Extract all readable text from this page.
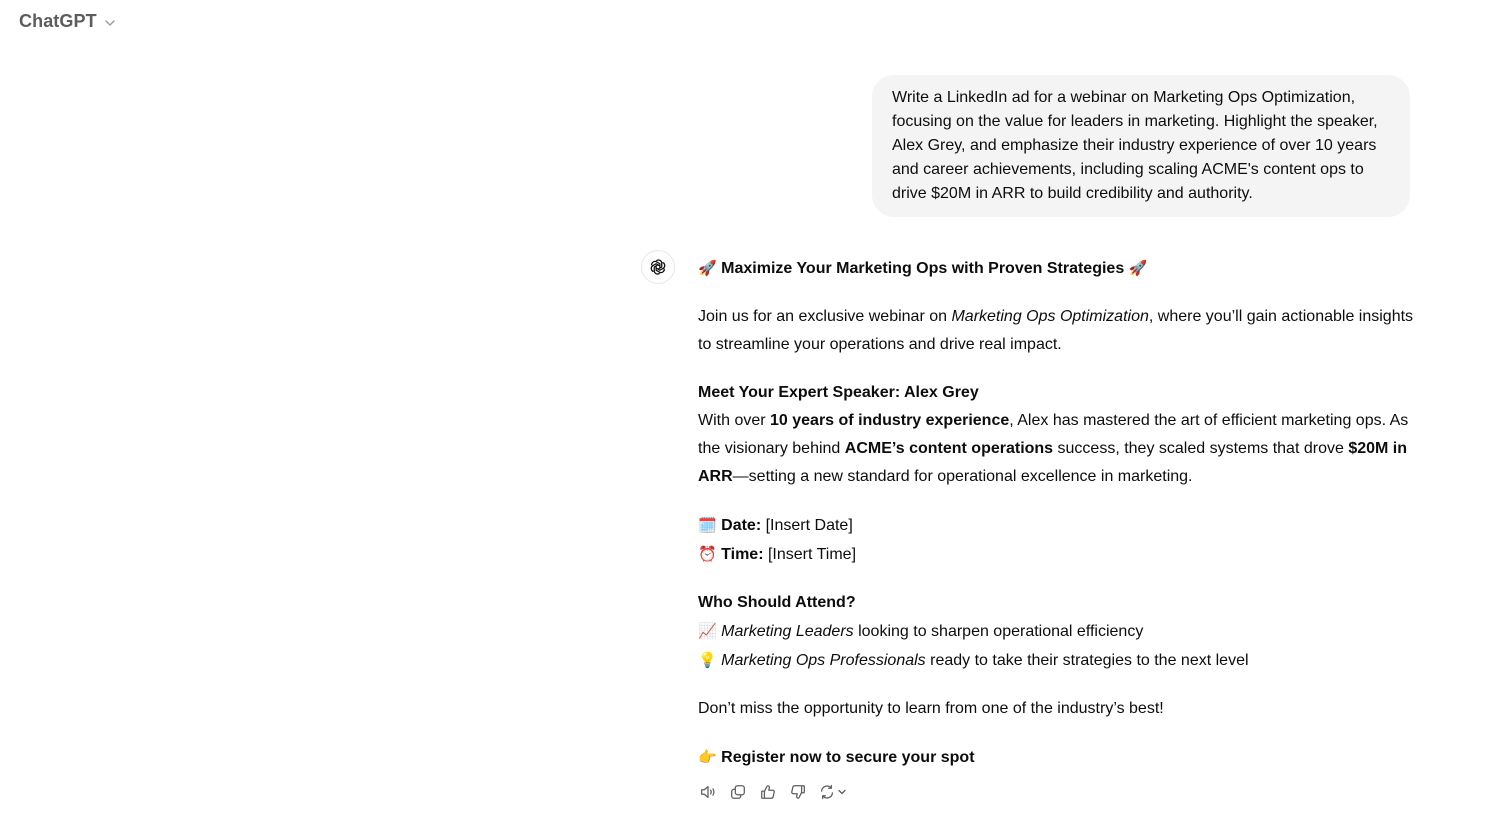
ChatGPT
Write a LinkedIn ad for a webinar on Marketing Ops Optimization, focusing on the value for leaders in marketing. Highlight the speaker, Alex Grey, and emphasize their industry experience of over 10 years and career achievements, including scaling ACME's content ops to drive $20M in ARR to build credibility and authority.

🚀 Maximize Your Marketing Ops with Proven Strategies 🚀

Join us for an exclusive webinar on Marketing Ops Optimization, where you’ll gain actionable insights to streamline your operations and drive real impact.

Meet Your Expert Speaker: Alex Grey
With over 10 years of industry experience, Alex has mastered the art of efficient marketing ops. As the visionary behind ACME’s content operations success, they scaled systems that drove $20M in ARR—setting a new standard for operational excellence in marketing.

🗓️ Date: [Insert Date]
⏰ Time: [Insert Time]

Who Should Attend?
📈 Marketing Leaders looking to sharpen operational efficiency
💡 Marketing Ops Professionals ready to take their strategies to the next level

Don’t miss the opportunity to learn from one of the industry’s best!

👉 Register now to secure your spot
